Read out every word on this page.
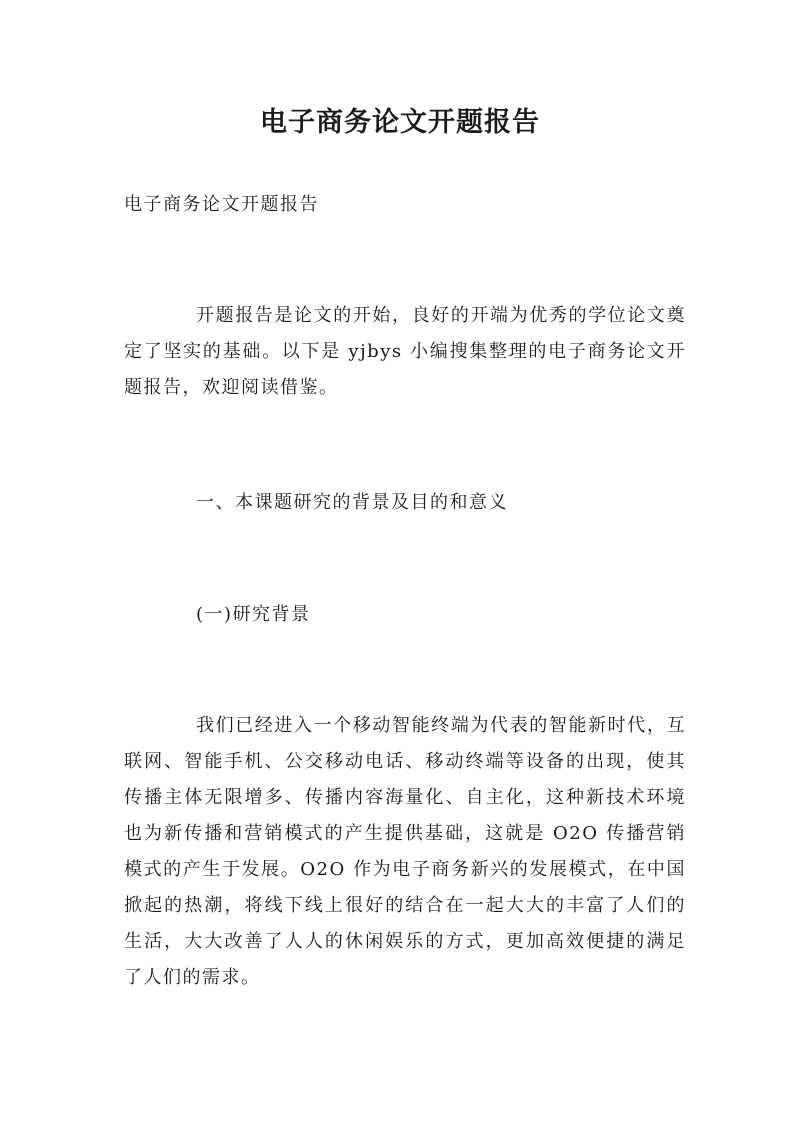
电子商务论文开题报告
电子商务论文开题报告

开题报告是论文的开始，良好的开端为优秀的学位论文奠定了坚实的基础。以下是 yjbys 小编搜集整理的电子商务论文开题报告，欢迎阅读借鉴。

一、本课题研究的背景及目的和意义
(一)研究背景

我们已经进入一个移动智能终端为代表的智能新时代，互联网、智能手机、公交移动电话、移动终端等设备的出现，使其传播主体无限增多、传播内容海量化、自主化，这种新技术环境也为新传播和营销模式的产生提供基础，这就是 O2O 传播营销模式的产生于发展。O2O 作为电子商务新兴的发展模式，在中国掀起的热潮，将线下线上很好的结合在一起大大的丰富了人们的生活，大大改善了人人的休闲娱乐的方式，更加高效便捷的满足了人们的需求。
